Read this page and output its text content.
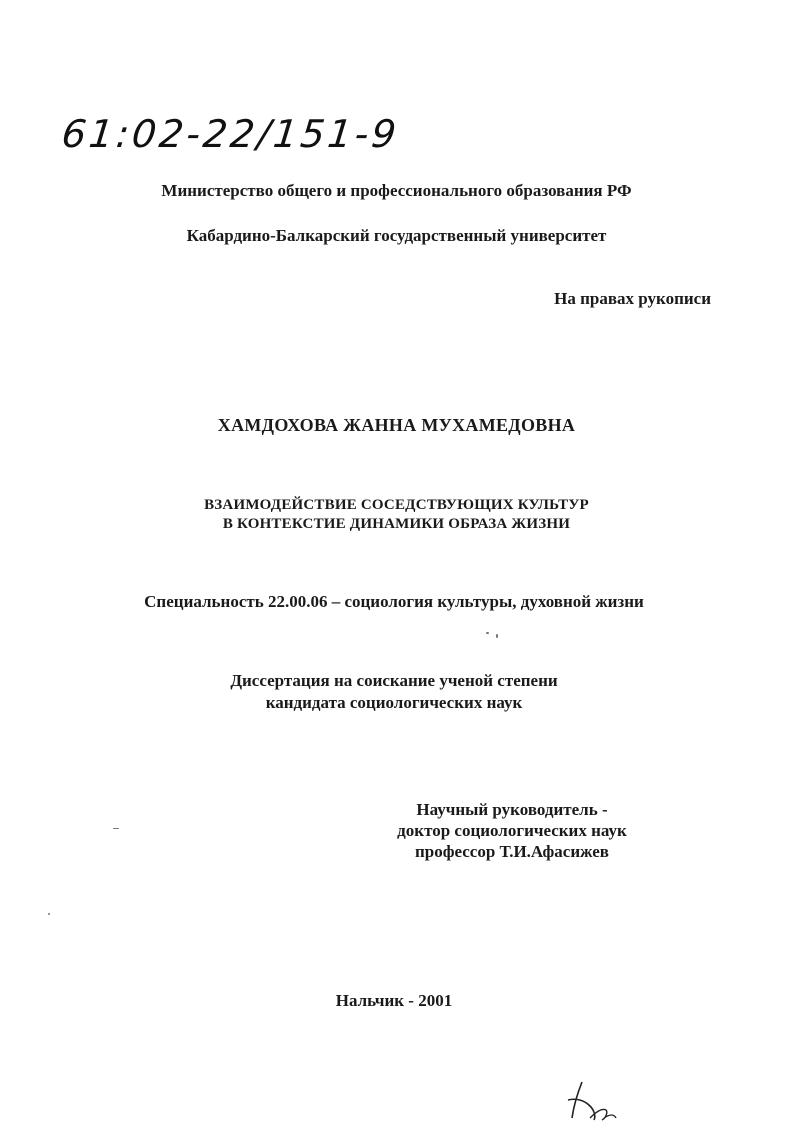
61:02-22/151-9
Министерство общего и профессионального образования РФ
Кабардино-Балкарский государственный университет
На правах рукописи
ХАМДОХОВА ЖАННА МУХАМЕДОВНА
ВЗАИМОДЕЙСТВИЕ СОСЕДСТВУЮЩИХ КУЛЬТУР
В КОНТЕКСТИЕ ДИНАМИКИ ОБРАЗА ЖИЗНИ
Специальность 22.00.06 – социология культуры, духовной жизни
Диссертация на соискание ученой степени
кандидата социологических наук
Научный руководитель -
доктор социологических наук
профессор Т.И.Афасижев
Нальчик - 2001
